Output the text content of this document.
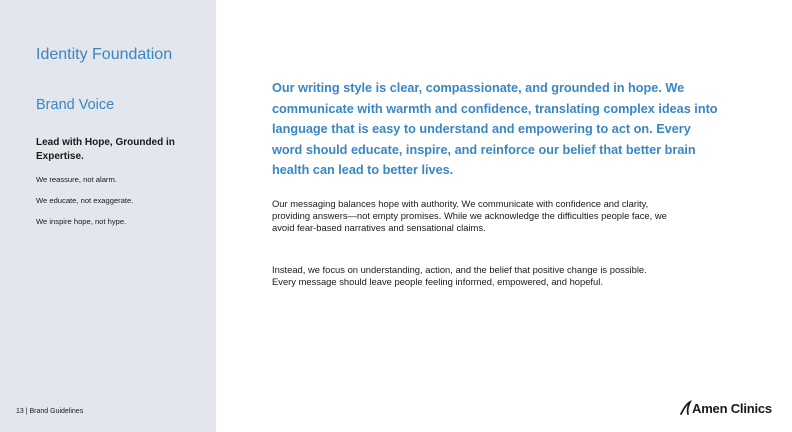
Identity Foundation
Brand Voice
Lead with Hope, Grounded in Expertise.
We reassure, not alarm.
We educate, not exaggerate.
We inspire hope, not hype.
13 | Brand Guidelines

Our writing style is clear, compassionate, and grounded in hope. We communicate with warmth and confidence, translating complex ideas into language that is easy to understand and empowering to act on. Every word should educate, inspire, and reinforce our belief that better brain health can lead to better lives.

Our messaging balances hope with authority. We communicate with confidence and clarity, providing answers—not empty promises. While we acknowledge the difficulties people face, we avoid fear-based narratives and sensational claims.

Instead, we focus on understanding, action, and the belief that positive change is possible. Every message should leave people feeling informed, empowered, and hopeful.

Amen Clinics
